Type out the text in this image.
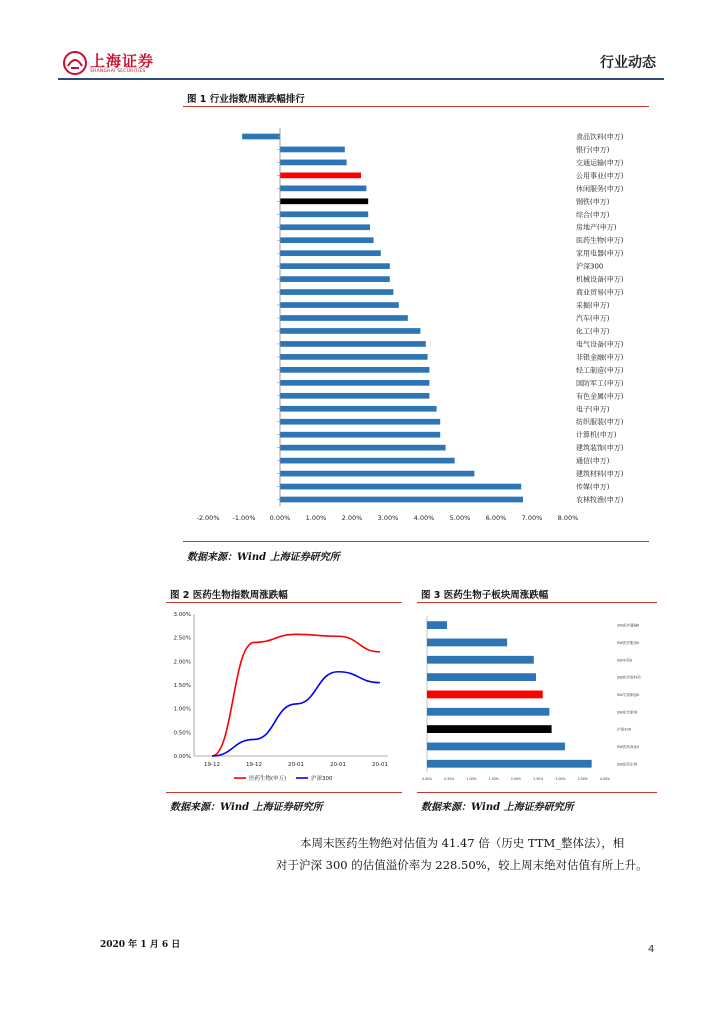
上海证券
SHANGHAI SECURITIES
行业动态
图 1 行业指数周涨跌幅排行
食品饮料(申万)
银行(申万)
交通运输(申万)
公用事业(申万)
休闲服务(申万)
钢铁(申万)
综合(申万)
房地产(申万)
医药生物(申万)
家用电器(申万)
沪深300
机械设备(申万)
商业贸易(申万)
采掘(申万)
汽车(申万)
化工(申万)
电气设备(申万)
非银金融(申万)
轻工制造(申万)
国防军工(申万)
有色金属(申万)
电子(申万)
纺织服装(申万)
计算机(申万)
建筑装饰(申万)
通信(申万)
建筑材料(申万)
传媒(申万)
农林牧渔(申万)
-2.00% -1.00% 0.00% 1.00% 2.00% 3.00% 4.00% 5.00% 6.00% 7.00% 8.00%
数据来源：Wind 上海证券研究所
图 2 医药生物指数周涨跌幅
0.00%
0.50%
1.00%
1.50%
2.00%
2.50%
3.00%
19-12	19-12	20-01	20-01	20-01
医药生物(申万)	沪深300
数据来源：Wind 上海证券研究所
图 3 医药生物子板块周涨跌幅
SW医疗器械Ⅱ
SW医疗服务Ⅱ
SW中药Ⅱ
SW化学原料药
SW生物制品Ⅱ
SW化学制剂
沪深300
SW医药商业Ⅱ
SW医药生物
0.00%	0.50%	1.00%	1.50%	2.00%	2.50%	3.00%	3.50%	4.00%
数据来源：Wind 上海证券研究所
本周末医药生物绝对估值为 41.47 倍（历史 TTM_整体法），相
对于沪深 300 的估值溢价率为 228.50%，较上周末绝对估值有所上升。
2020 年 1 月 6 日	4
